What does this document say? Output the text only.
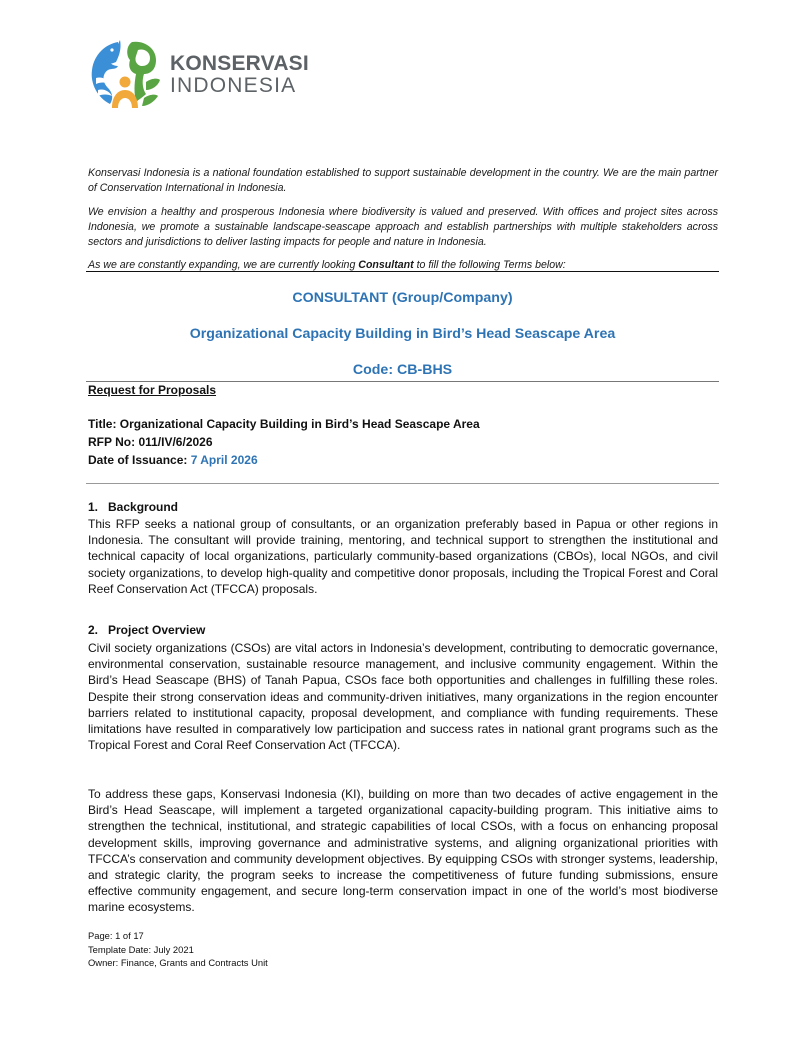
KONSERVASI
INDONESIA

Konservasi Indonesia is a national foundation established to support sustainable development in the country. We are the main partner of Conservation International in Indonesia.

We envision a healthy and prosperous Indonesia where biodiversity is valued and preserved. With offices and project sites across Indonesia, we promote a sustainable landscape-seascape approach and establish partnerships with multiple stakeholders across sectors and jurisdictions to deliver lasting impacts for people and nature in Indonesia.

As we are constantly expanding, we are currently looking Consultant to fill the following Terms below:

CONSULTANT (Group/Company)
Organizational Capacity Building in Bird’s Head Seascape Area
Code: CB-BHS
Request for Proposals
Title: Organizational Capacity Building in Bird’s Head Seascape Area
RFP No: 011/IV/6/2026
Date of Issuance: 7 April 2026
1. Background

This RFP seeks a national group of consultants, or an organization preferably based in Papua or other regions in Indonesia. The consultant will provide training, mentoring, and technical support to strengthen the institutional and technical capacity of local organizations, particularly community-based organizations (CBOs), local NGOs, and civil society organizations, to develop high-quality and competitive donor proposals, including the Tropical Forest and Coral Reef Conservation Act (TFCCA) proposals.

2. Project Overview

Civil society organizations (CSOs) are vital actors in Indonesia’s development, contributing to democratic governance, environmental conservation, sustainable resource management, and inclusive community engagement. Within the Bird’s Head Seascape (BHS) of Tanah Papua, CSOs face both opportunities and challenges in fulfilling these roles. Despite their strong conservation ideas and community-driven initiatives, many organizations in the region encounter barriers related to institutional capacity, proposal development, and compliance with funding requirements. These limitations have resulted in comparatively low participation and success rates in national grant programs such as the Tropical Forest and Coral Reef Conservation Act (TFCCA).

To address these gaps, Konservasi Indonesia (KI), building on more than two decades of active engagement in the Bird’s Head Seascape, will implement a targeted organizational capacity-building program. This initiative aims to strengthen the technical, institutional, and strategic capabilities of local CSOs, with a focus on enhancing proposal development skills, improving governance and administrative systems, and aligning organizational priorities with TFCCA’s conservation and community development objectives. By equipping CSOs with stronger systems, leadership, and strategic clarity, the program seeks to increase the competitiveness of future funding submissions, ensure effective community engagement, and secure long-term conservation impact in one of the world’s most biodiverse marine ecosystems.

Page: 1 of 17
Template Date: July 2021
Owner: Finance, Grants and Contracts Unit
